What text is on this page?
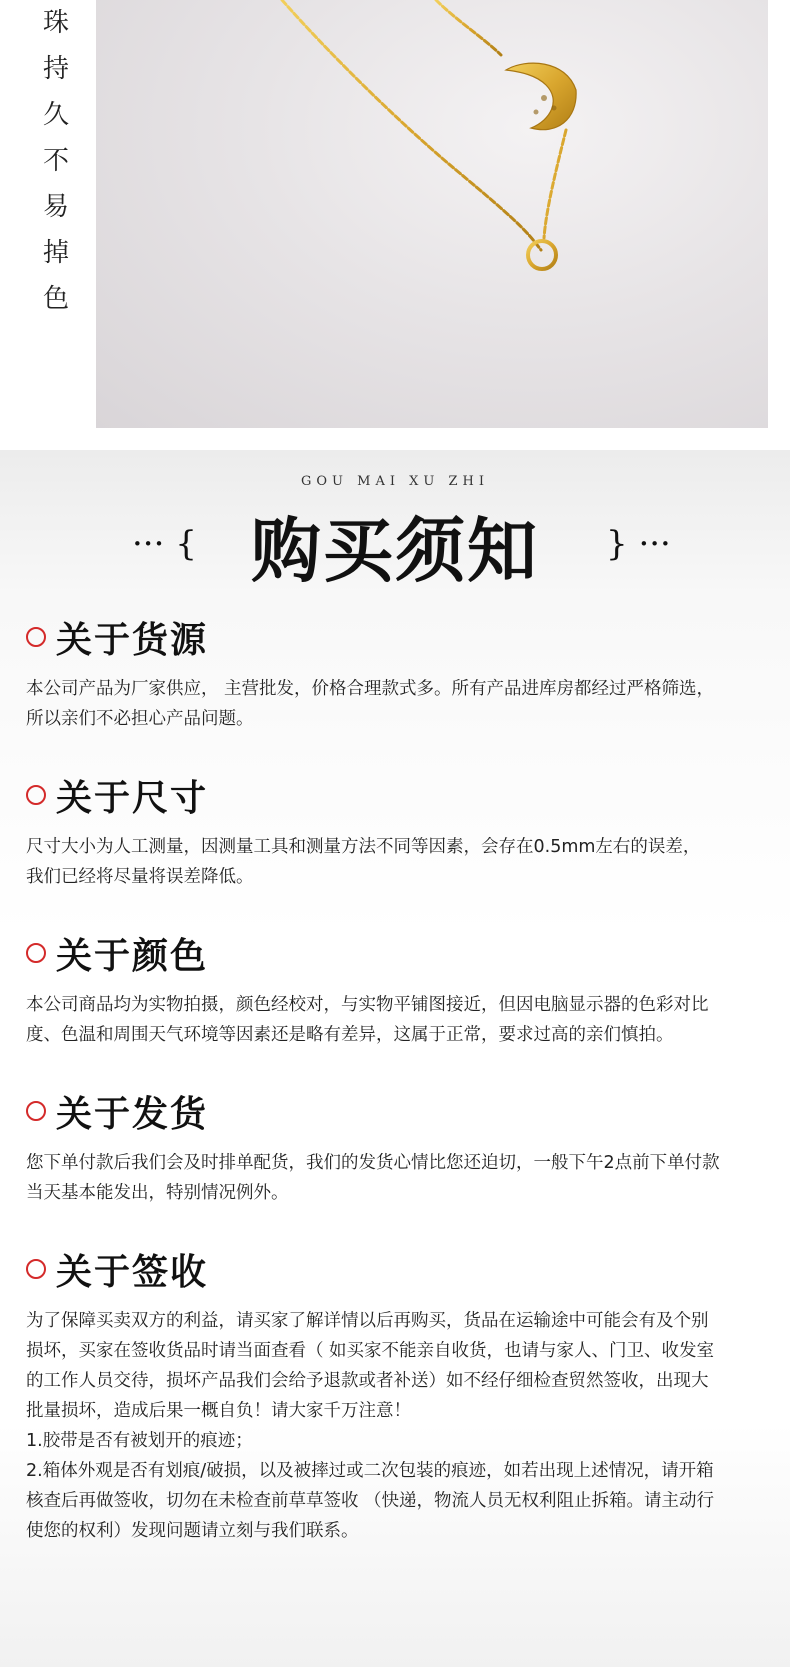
珠
持
久
不
易
掉
色
GOU MAI XU ZHI
··· { 购买须知	} ···
关于货源

本公司产品为厂家供应， 主营批发，价格合理款式多。所有产品进库房都经过严格筛选，

所以亲们不必担心产品问题。

关于尺寸

尺寸大小为人工测量，因测量工具和测量方法不同等因素，会存在0.5mm左右的误差，

我们已经将尽量将误差降低。

关于颜色

本公司商品均为实物拍摄，颜色经校对，与实物平铺图接近，但因电脑显示器的色彩对比

度、色温和周围天气环境等因素还是略有差异，这属于正常，要求过高的亲们慎拍。

关于发货

您下单付款后我们会及时排单配货，我们的发货心情比您还迫切，一般下午2点前下单付款

当天基本能发出，特别情况例外。

关于签收

为了保障买卖双方的利益，请买家了解详情以后再购买，货品在运输途中可能会有及个别

损坏，买家在签收货品时请当面查看（ 如买家不能亲自收货，也请与家人、门卫、收发室

的工作人员交待，损坏产品我们会给予退款或者补送）如不经仔细检查贸然签收，出现大

批量损坏，造成后果一概自负！请大家千万注意！

1.胶带是否有被划开的痕迹；

2.箱体外观是否有划痕/破损，以及被摔过或二次包装的痕迹，如若出现上述情况，请开箱

核查后再做签收，切勿在未检查前草草签收 （快递，物流人员无权利阻止拆箱。请主动行

使您的权利）发现问题请立刻与我们联系。
